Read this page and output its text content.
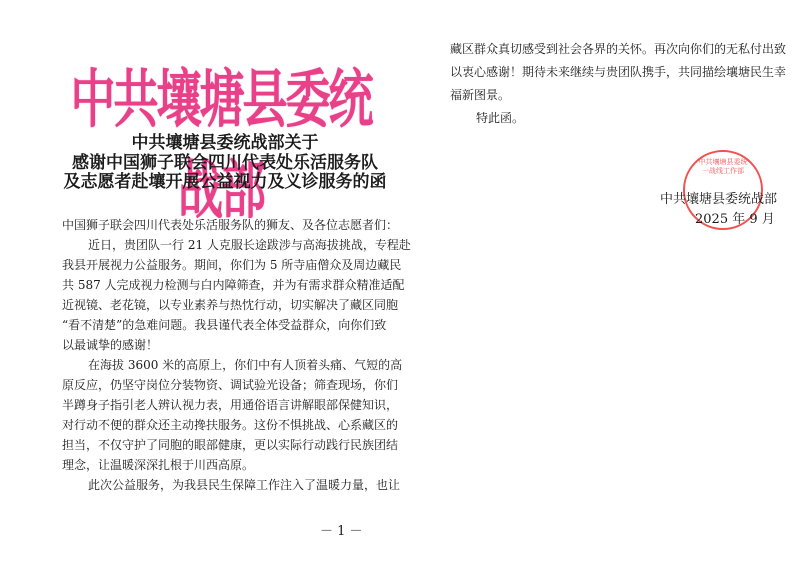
中共壤塘县委统战部
中共壤塘县委统战部关于
感谢中国狮子联会四川代表处乐活服务队
及志愿者赴壤开展公益视力及义诊服务的函
中国狮子联会四川代表处乐活服务队的狮友、及各位志愿者们：
近日，贵团队一行 21 人克服长途跋涉与高海拔挑战，专程赴
我县开展视力公益服务。期间，你们为 5 所寺庙僧众及周边藏民
共 587 人完成视力检测与白内障筛查，并为有需求群众精准适配
近视镜、老花镜，以专业素养与热忱行动，切实解决了藏区同胞
“看不清楚”的急难问题。我县谨代表全体受益群众，向你们致
以最诚挚的感谢！
在海拔 3600 米的高原上，你们中有人顶着头痛、气短的高
原反应，仍坚守岗位分装物资、调试验光设备；筛查现场，你们
半蹲身子指引老人辨认视力表，用通俗语言讲解眼部保健知识，
对行动不便的群众还主动搀扶服务。这份不惧挑战、心系藏区的
担当，不仅守护了同胞的眼部健康，更以实际行动践行民族团结
理念，让温暖深深扎根于川西高原。
此次公益服务，为我县民生保障工作注入了温暖力量，也让
藏区群众真切感受到社会各界的关怀。再次向你们的无私付出致
以衷心感谢！期待未来继续与贵团队携手，共同描绘壤塘民生幸
福新图景。
特此函。
中共壤塘县委统一战线工作部
中共壤塘县委统战部
2025 年 9 月
－ 1 －
